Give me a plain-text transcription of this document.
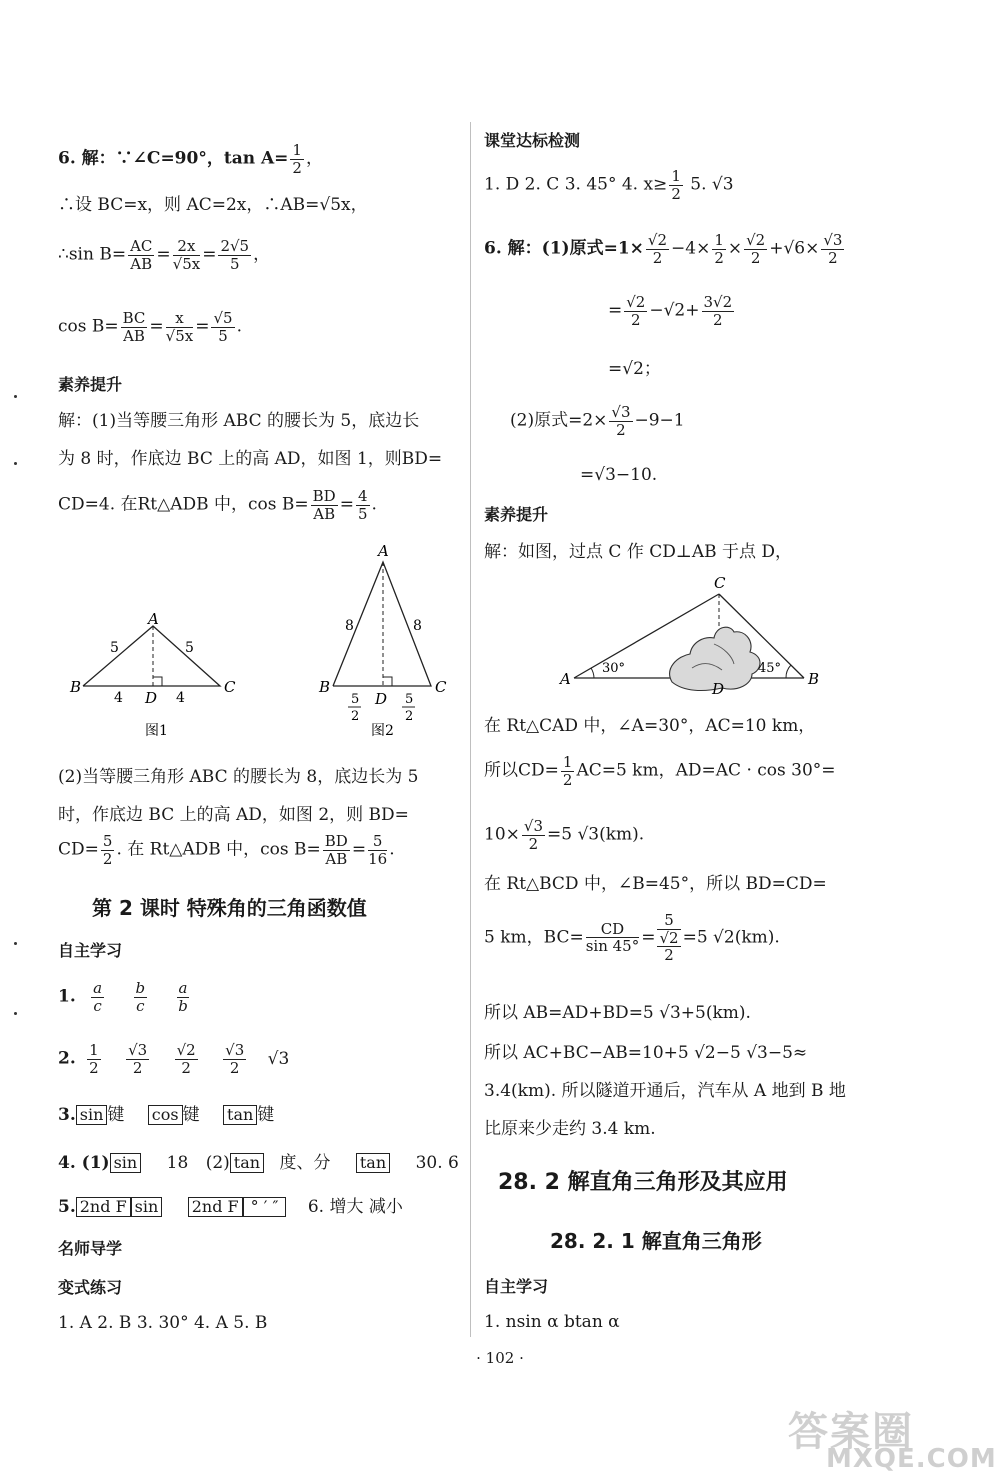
6. 解：∵∠C=90°，$\tan A= \frac{1}{2}$ ，
∴设 BC=x，则 AC=2x，∴AB=√5x，
∴sin $B= \frac{AC}{AB} = \frac{2x}{√5x} = \frac{2√5}{5}$ ，
$\cos B= \frac{BC}{AB} = \frac{x}{√5x} = \frac{√5}{5}$ .
素养提升
解：(1)当等腰三角形 ABC 的腰长为 5，底边长
为 8 时，作底边 BC 上的高 AD，如图 1，则BD=
CD=4. 在Rt△ADB 中，$\cos B= \frac{BD}{AB} = \frac{4}{5}$ .
A
B	C
D
5	5
4	4
图1
A
B	C
D
8	8
5
2
5
2
图2
(2)当等腰三角形 ABC 的腰长为 8，底边长为 5
时，作底边 BC 上的高 AD，如图 2，则 BD=
$CD= \frac{5}{2}$ . 在 Rt△ADB 中，$\cos B= \frac{BD}{AB} = \frac{5}{16}$ .
第 2 课时 特殊角的三角函数值
自主学习
1. $\frac{a}{c}$
$\frac{b}{c}$
$\frac{a}{b}$
2. $\frac{1}{2}$
$\frac{√3}{2}$
$\frac{√2}{2}$
$\frac{√3}{2} √3$
3. sin 键 cos 键 tan 键
4. (1) sin 18 (2) tan 度、分 tan 30. 6
5. 2nd F sin 2nd F ° ′ ″ 6. 增大 减小
名师导学
变式练习
1. A 2. B 3. 30° 4. A 5. B
课堂达标检测
1. D 2. C 3. 45° 4. $x\ge \frac{1}{2} 5$. √3
6. 解：(1)原式$=1\times \frac{√2}{2} -4\times \frac{1}{2} \times \frac{√2}{2} +√6\times \frac{√3}{2}$
= $\frac{√2}{2} -√2+ \frac{3√2}{2}$
=√2；
(2)原式$=2\times \frac{√3}{2} -9-1$
=√3−10.
素养提升
解：如图，过点 C 作 CD⊥AB 于点 D，
C
A	B
D
30°	45°
在 Rt△CAD 中，∠A=30°，AC=10 km，
所以$CD= \frac{1}{2} AC=5$ km，AD=AC · cos 30°=
$10\times \frac{√3}{2} =5$ √3(km).
在 Rt△BCD 中，∠B=45°，所以 BD=CD=
5 km，$BC= \frac{CD}{\sin 45^\circ} = 5$
√2
2 =5 √2(km).
所以 AB=AD+BD=5 √3+5(km).
所以 AC+BC−AB=10+5 √2−5 √3−5≈
3.4(km). 所以隧道开通后，汽车从 A 地到 B 地
比原来少走约 3.4 km.
28. 2 解直角三角形及其应用
28. 2. 1 解直角三角形
自主学习
1. nsin α btan α
· 102 ·
答案圈
MXQE.COM
